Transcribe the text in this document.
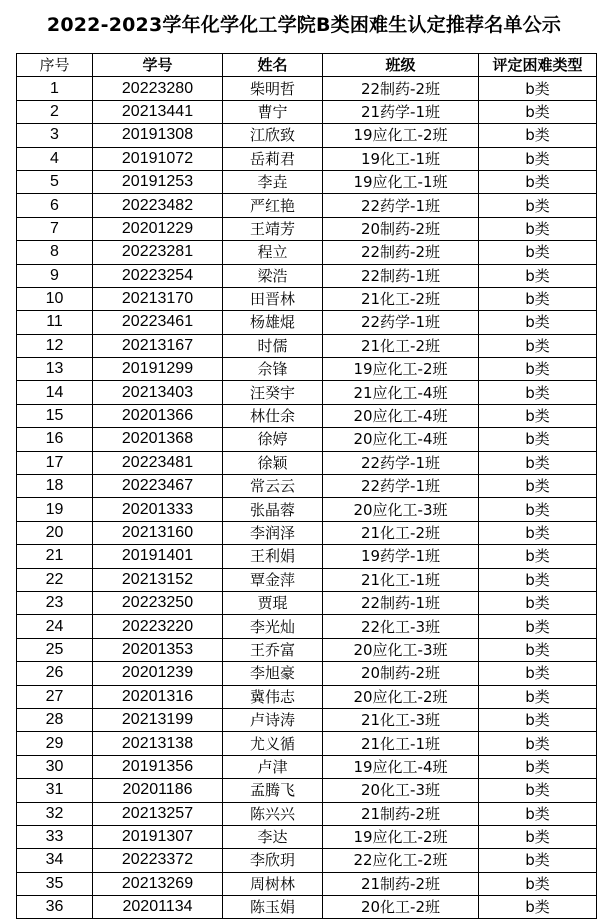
2022-2023学年化学化工学院B类困难生认定推荐名单公示
序号	学号	姓名	班级	评定困难类型
1	20223280	柴明哲	22制药-2班	b类
2	20213441	曹宁	21药学-1班	b类
3	20191308	江欣致	19应化工-2班	b类
4	20191072	岳莉君	19化工-1班	b类
5	20191253	李垚	19应化工-1班	b类
6	20223482	严红艳	22药学-1班	b类
7	20201229	王靖芳	20制药-2班	b类
8	20223281	程立	22制药-2班	b类
9	20223254	梁浩	22制药-1班	b类
10	20213170	田晋林	21化工-2班	b类
11	20223461	杨雄焜	22药学-1班	b类
12	20213167	时儒	21化工-2班	b类
13	20191299	佘锋	19应化工-2班	b类
14	20213403	汪癸宇	21应化工-4班	b类
15	20201366	林仕余	20应化工-4班	b类
16	20201368	徐婷	20应化工-4班	b类
17	20223481	徐颖	22药学-1班	b类
18	20223467	常云云	22药学-1班	b类
19	20201333	张晶蓉	20应化工-3班	b类
20	20213160	李润泽	21化工-2班	b类
21	20191401	王利娟	19药学-1班	b类
22	20213152	覃金萍	21化工-1班	b类
23	20223250	贾琨	22制药-1班	b类
24	20223220	李光灿	22化工-3班	b类
25	20201353	王乔富	20应化工-3班	b类
26	20201239	李旭豪	20制药-2班	b类
27	20201316	冀伟志	20应化工-2班	b类
28	20213199	卢诗涛	21化工-3班	b类
29	20213138	尤义循	21化工-1班	b类
30	20191356	卢津	19应化工-4班	b类
31	20201186	孟腾飞	20化工-3班	b类
32	20213257	陈兴兴	21制药-2班	b类
33	20191307	李达	19应化工-2班	b类
34	20223372	李欣玥	22应化工-2班	b类
35	20213269	周树林	21制药-2班	b类
36	20201134	陈玉娟	20化工-2班	b类
